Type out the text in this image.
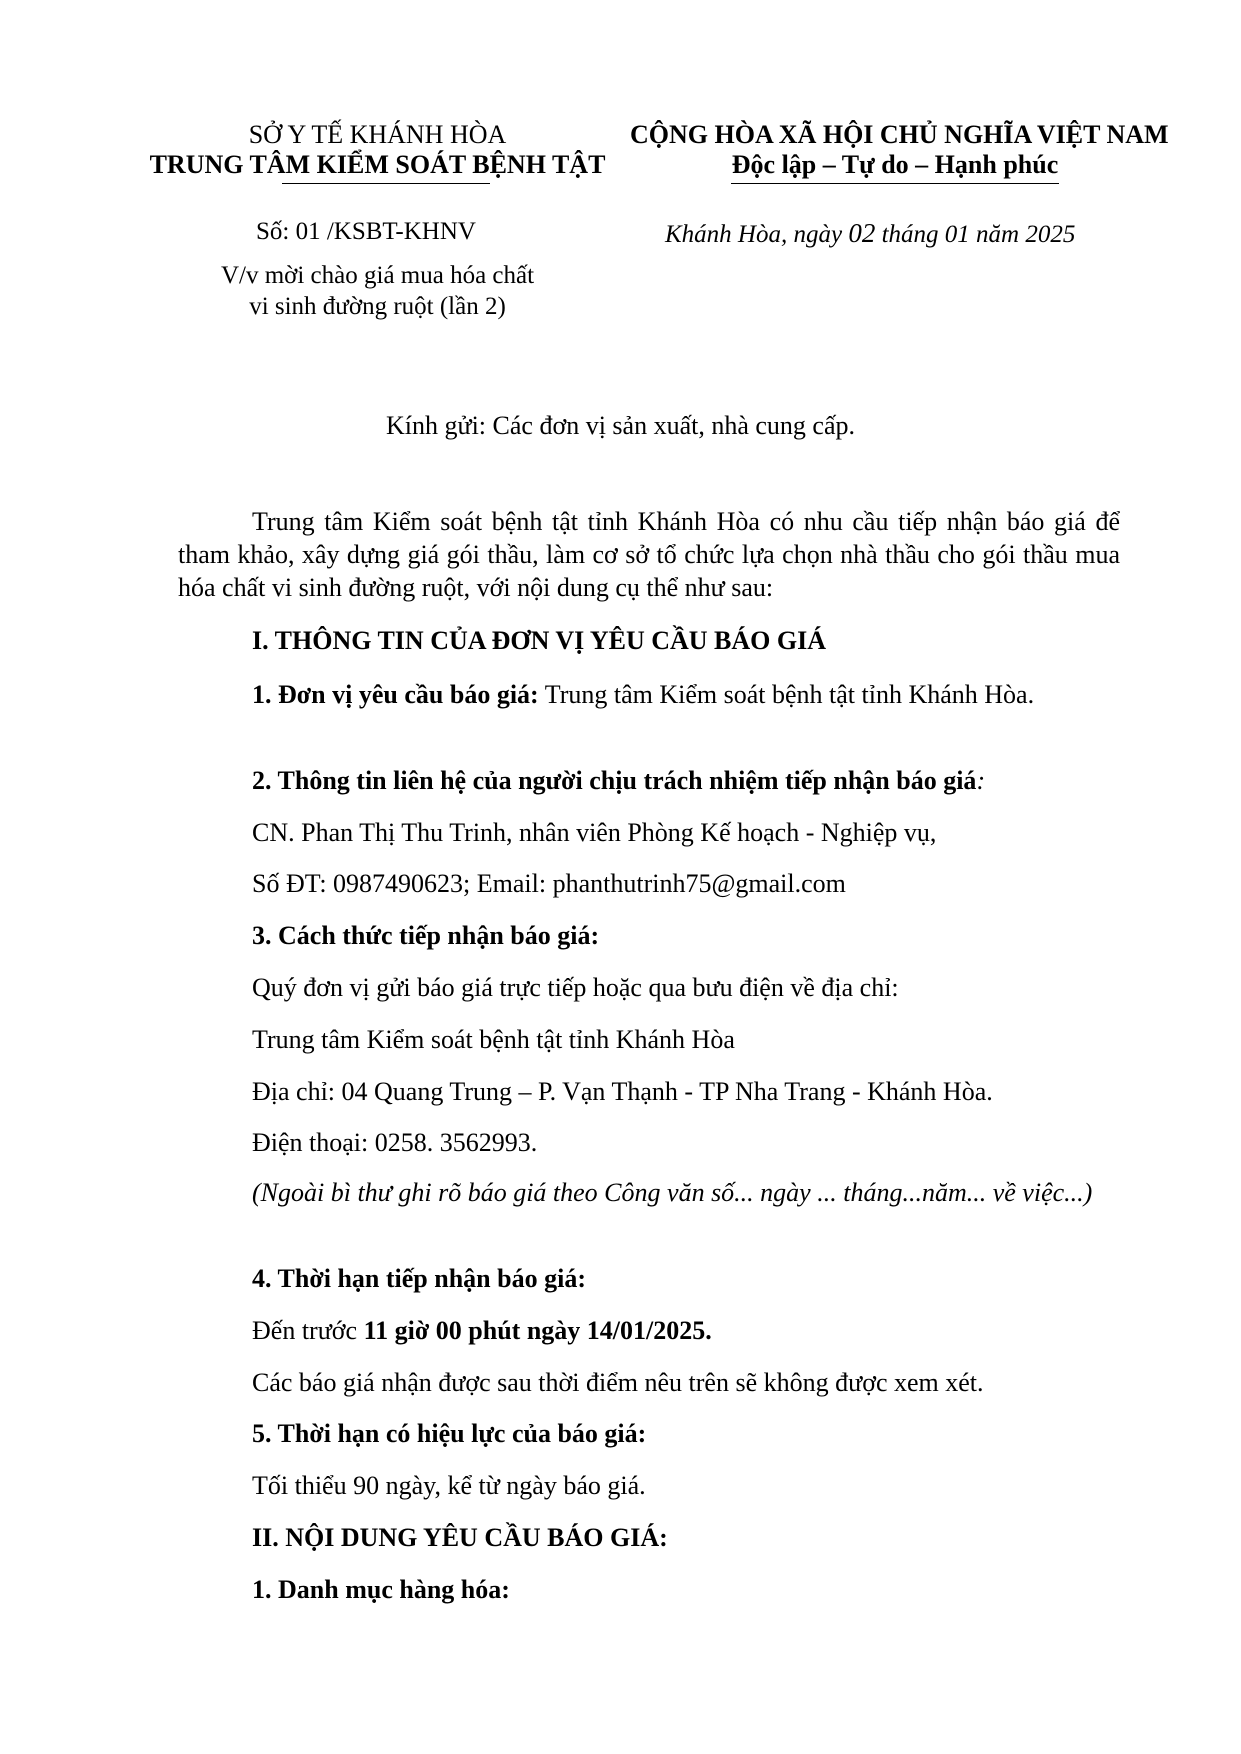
SỞ Y TẾ KHÁNH HÒA
TRUNG TÂM KIỂM SOÁT BỆNH TẬT
CỘNG HÒA XÃ HỘI CHỦ NGHĨA VIỆT NAM
Độc lập – Tự do – Hạnh phúc
Số: 01 /KSBT-KHNV	Khánh Hòa, ngày 02 tháng 01 năm 2025
V/v mời chào giá mua hóa chất
vi sinh đường ruột (lần 2)
Kính gửi: Các đơn vị sản xuất, nhà cung cấp.
Trung tâm Kiểm soát bệnh tật tỉnh Khánh Hòa có nhu cầu tiếp nhận báo giá để tham khảo, xây dựng giá gói thầu, làm cơ sở tổ chức lựa chọn nhà thầu cho gói thầu mua hóa chất vi sinh đường ruột, với nội dung cụ thể như sau:
I. THÔNG TIN CỦA ĐƠN VỊ YÊU CẦU BÁO GIÁ
1. Đơn vị yêu cầu báo giá: Trung tâm Kiểm soát bệnh tật tỉnh Khánh Hòa.
2. Thông tin liên hệ của người chịu trách nhiệm tiếp nhận báo giá:
CN. Phan Thị Thu Trinh, nhân viên Phòng Kế hoạch - Nghiệp vụ,
Số ĐT: 0987490623; Email: phanthutrinh75@gmail.com
3. Cách thức tiếp nhận báo giá:
Quý đơn vị gửi báo giá trực tiếp hoặc qua bưu điện về địa chỉ:
Trung tâm Kiểm soát bệnh tật tỉnh Khánh Hòa
Địa chỉ: 04 Quang Trung – P. Vạn Thạnh - TP Nha Trang - Khánh Hòa.
Điện thoại: 0258. 3562993.
(Ngoài bì thư ghi rõ báo giá theo Công văn số... ngày ... tháng...năm... về việc...)
4. Thời hạn tiếp nhận báo giá:
Đến trước 11 giờ 00 phút ngày 14/01/2025.
Các báo giá nhận được sau thời điểm nêu trên sẽ không được xem xét.
5. Thời hạn có hiệu lực của báo giá:
Tối thiểu 90 ngày, kể từ ngày báo giá.
II. NỘI DUNG YÊU CẦU BÁO GIÁ:
1. Danh mục hàng hóa:
